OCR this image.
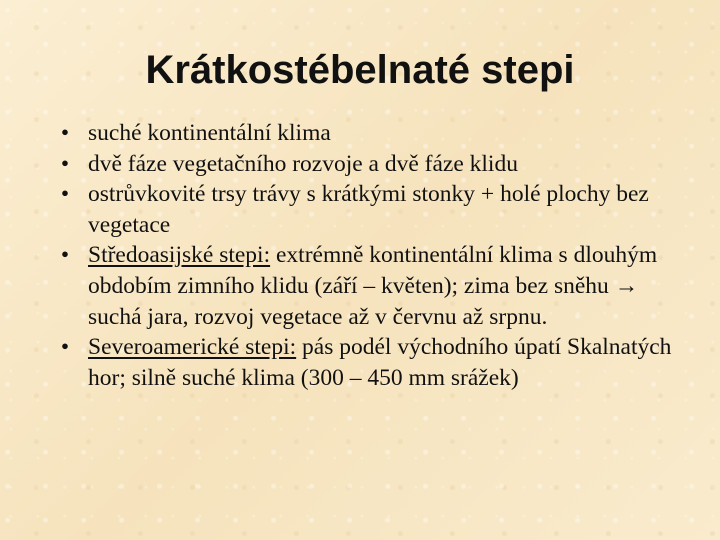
Krátkostébelnaté stepi
• suché kontinentální klima
• dvě fáze vegetačního rozvoje a dvě fáze klidu
• ostrůvkovité trsy trávy s krátkými stonky + holé plochy bez vegetace
• Středoasijské stepi: extrémně kontinentální klima s dlouhým obdobím zimního klidu (září – květen); zima bez sněhu → suchá jara, rozvoj vegetace až v červnu až srpnu.
• Severoamerické stepi: pás podél východního úpatí Skalnatých hor; silně suché klima (300 – 450 mm srážek)
